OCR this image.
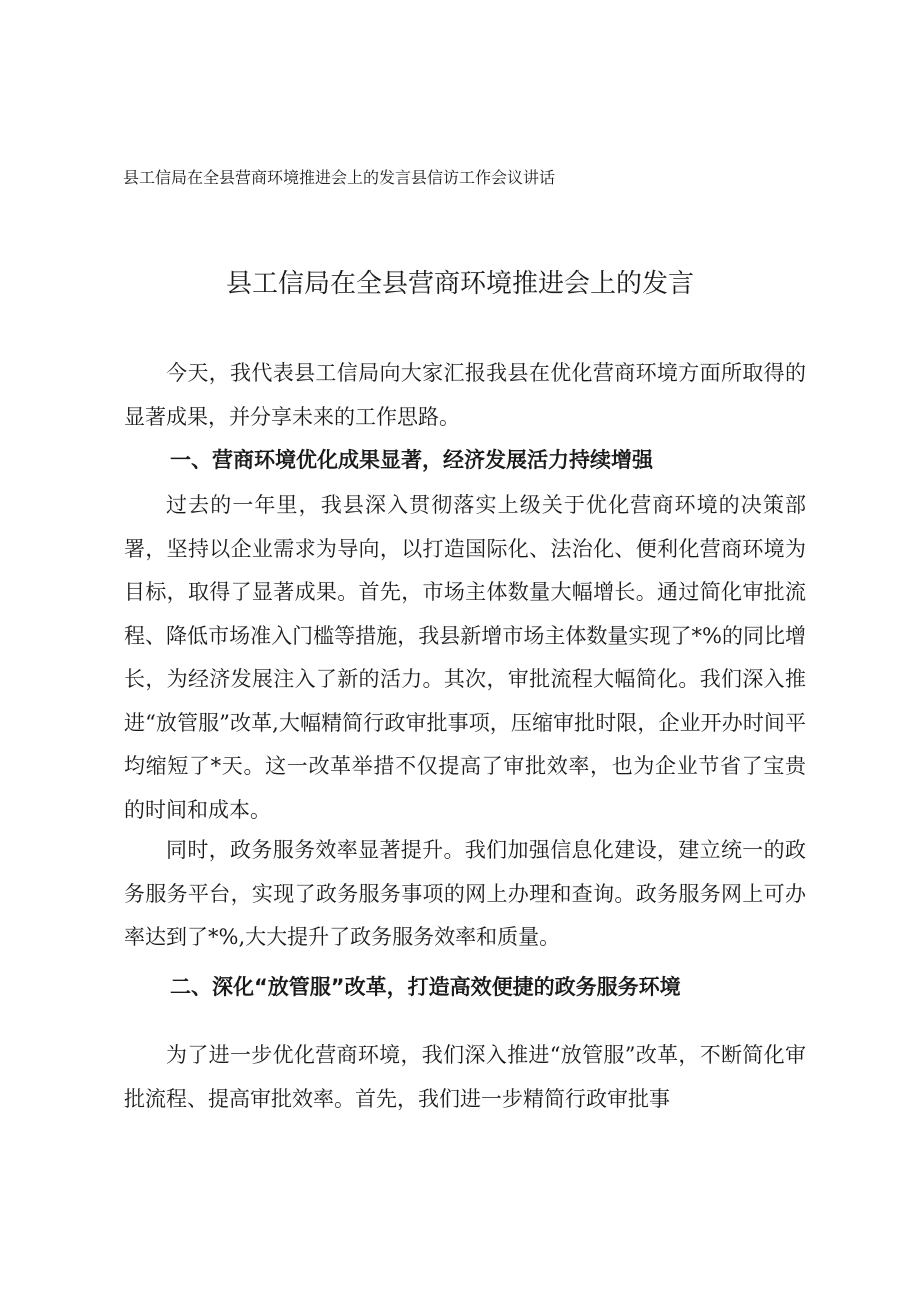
县工信局在全县营商环境推进会上的发言县信访工作会议讲话
县工信局在全县营商环境推进会上的发言

今天，我代表县工信局向大家汇报我县在优化营商环境方面所取得的显著成果，并分享未来的工作思路。

一、营商环境优化成果显著，经济发展活力持续增强

过去的一年里，我县深入贯彻落实上级关于优化营商环境的决策部署，坚持以企业需求为导向，以打造国际化、法治化、便利化营商环境为目标，取得了显著成果。首先，市场主体数量大幅增长。通过简化审批流程、降低市场准入门槛等措施，我县新增市场主体数量实现了*%的同比增长，为经济发展注入了新的活力。其次，审批流程大幅简化。我们深入推进“放管服”改革,大幅精简行政审批事项，压缩审批时限，企业开办时间平均缩短了*天。这一改革举措不仅提高了审批效率，也为企业节省了宝贵的时间和成本。

同时，政务服务效率显著提升。我们加强信息化建设，建立统一的政务服务平台，实现了政务服务事项的网上办理和查询。政务服务网上可办率达到了*%,大大提升了政务服务效率和质量。

二、深化“放管服”改革，打造高效便捷的政务服务环境

为了进一步优化营商环境，我们深入推进“放管服”改革，不断简化审批流程、提高审批效率。首先，我们进一步精简行政审批事
